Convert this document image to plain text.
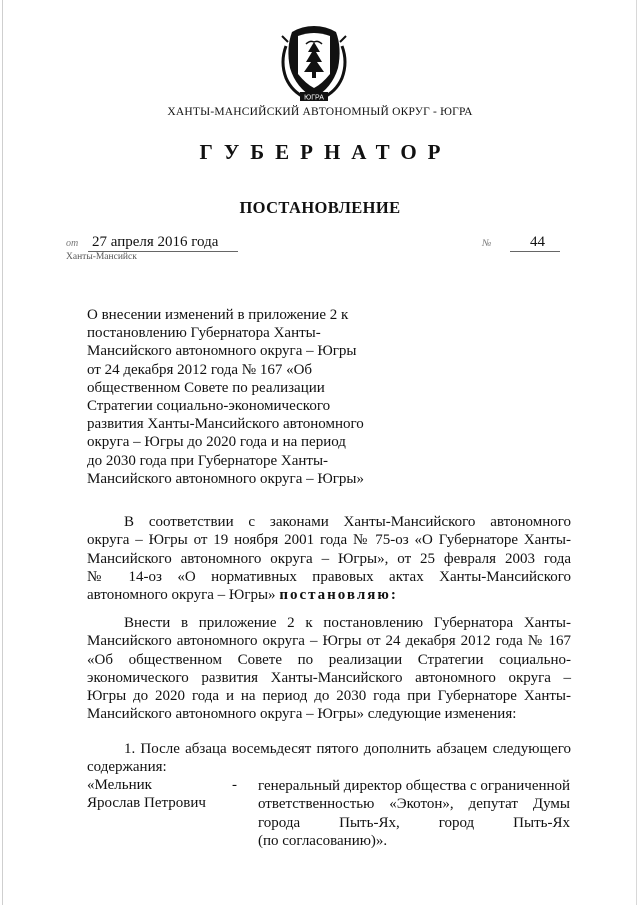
ЮГРА
ХАНТЫ-МАНСИЙСКИЙ АВТОНОМНЫЙ ОКРУГ - ЮГРА
ГУБЕРНАТОР
ПОСТАНОВЛЕНИЕ
от 27 апреля 2016 года	№	44
Ханты-Мансийск
О внесении изменений в приложение 2 к
постановлению Губернатора Ханты-
Мансийского автономного округа – Югры
от 24 декабря 2012 года № 167 «Об
общественном Совете по реализации
Стратегии социально-экономического
развития Ханты-Мансийского автономного
округа – Югры до 2020 года и на период
до 2030 года при Губернаторе Ханты-
Мансийского автономного округа – Югры»
В соответствии с законами Ханты-Мансийского автономного
округа – Югры от 19 ноября 2001 года № 75-оз «О Губернаторе Ханты-
Мансийского автономного округа – Югры», от 25 февраля 2003 года
№ 14-оз «О нормативных правовых актах Ханты-Мансийского
автономного округа – Югры» постановляю:
Внести в приложение 2 к постановлению Губернатора Ханты-
Мансийского автономного округа – Югры от 24 декабря 2012 года № 167
«Об общественном Совете по реализации Стратегии социально-
экономического развития Ханты-Мансийского автономного округа –
Югры до 2020 года и на период до 2030 года при Губернаторе Ханты-
Мансийского автономного округа – Югры» следующие изменения:
1. После абзаца восемьдесят пятого дополнить абзацем следующего
содержания:
«Мельник
Ярослав Петрович
- генеральный директор общества с ограниченной
ответственностью «Экотон», депутат Думы
города Пыть-Ях, город Пыть-Ях
(по согласованию)».
